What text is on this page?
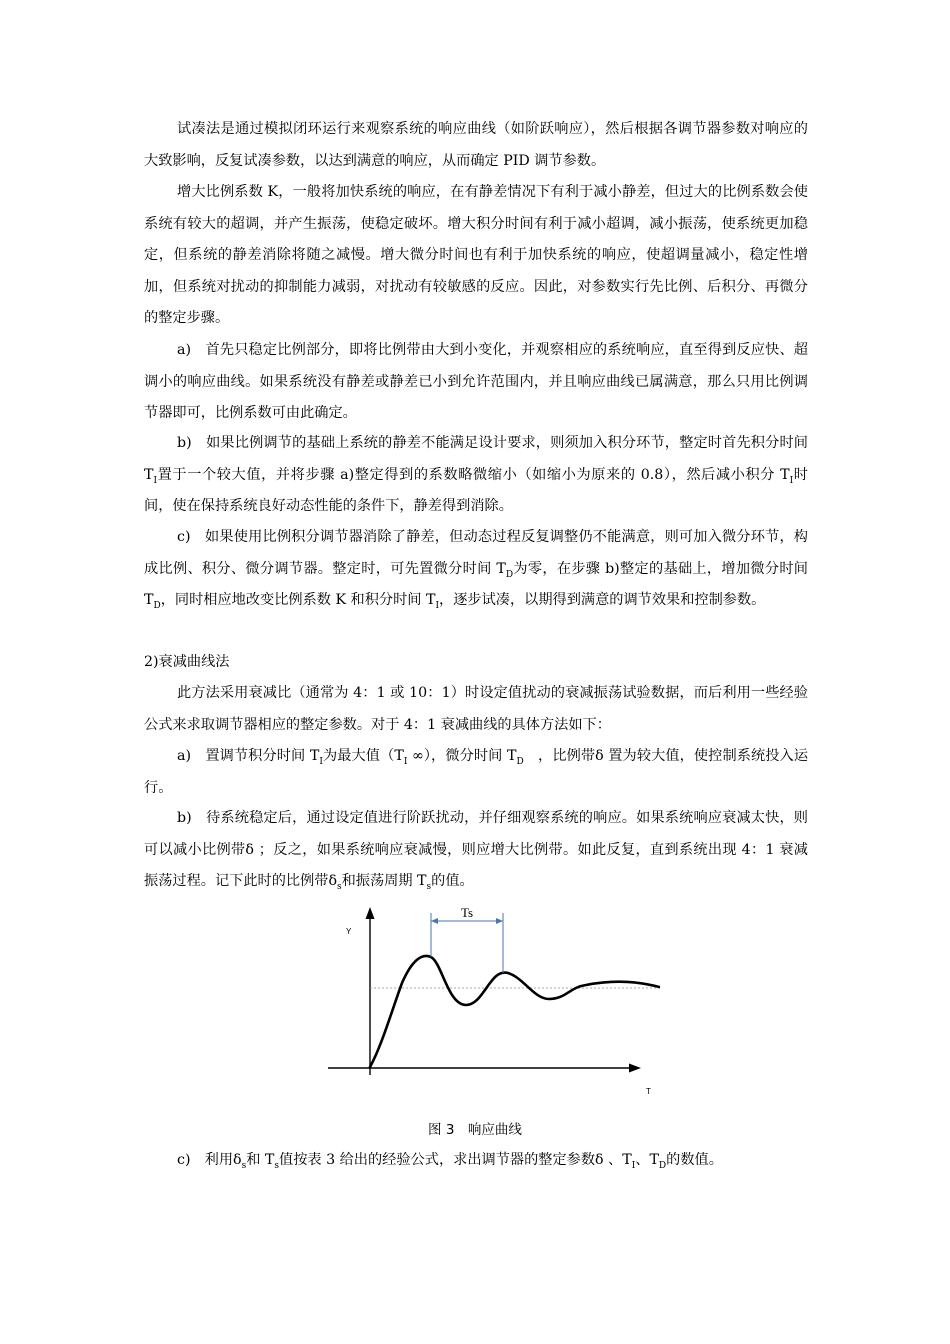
试凑法是通过模拟闭环运行来观察系统的响应曲线（如阶跃响应），然后根据各调节器参数对响应的大致影响，反复试凑参数，以达到满意的响应，从而确定 PID 调节参数。

增大比例系数 K，一般将加快系统的响应，在有静差情况下有利于减小静差，但过大的比例系数会使系统有较大的超调，并产生振荡，使稳定破坏。增大积分时间有利于减小超调，减小振荡，使系统更加稳定，但系统的静差消除将随之减慢。增大微分时间也有利于加快系统的响应，使超调量减小，稳定性增加，但系统对扰动的抑制能力减弱，对扰动有较敏感的反应。因此，对参数实行先比例、后积分、再微分的整定步骤。

a)　首先只稳定比例部分，即将比例带由大到小变化，并观察相应的系统响应，直至得到反应快、超调小的响应曲线。如果系统没有静差或静差已小到允许范围内，并且响应曲线已属满意，那么只用比例调节器即可，比例系数可由此确定。

b)　如果比例调节的基础上系统的静差不能满足设计要求，则须加入积分环节，整定时首先积分时间 $T_I$置于一个较大值，并将步骤 a)整定得到的系数略微缩小（如缩小为原来的 0.8），然后减小积分 $T_I$时间，使在保持系统良好动态性能的条件下，静差得到消除。

c)　如果使用比例积分调节器消除了静差，但动态过程反复调整仍不能满意，则可加入微分环节，构成比例、积分、微分调节器。整定时，可先置微分时间 $T_D$为零，在步骤 b)整定的基础上，增加微分时间 $T_D$，同时相应地改变比例系数 K 和积分时间 $T_I$，逐步试凑，以期得到满意的调节效果和控制参数。

2)衰减曲线法

此方法采用衰减比（通常为 4：1 或 10：1）时设定值扰动的衰减振荡试验数据，而后利用一些经验公式来求取调节器相应的整定参数。对于 4：1 衰减曲线的具体方法如下：

a)　置调节积分时间 $T_I$为最大值（$T_I$ ∞），微分时间 $T_D$　，比例带δ 置为较大值，使控制系统投入运行。

b)　待系统稳定后，通过设定值进行阶跃扰动，并仔细观察系统的响应。如果系统响应衰减太快，则可以减小比例带δ ；反之，如果系统响应衰减慢，则应增大比例带。如此反复，直到系统出现 4：1 衰减振荡过程。记下此时的比例带$\delta_s$和振荡周期 $T_s$的值。

Ts
Y
T
图 3　响应曲线

c)　利用$\delta_s$和 $T_s$值按表 3 给出的经验公式，求出调节器的整定参数δ 、$T_I$、$T_D$的数值。
